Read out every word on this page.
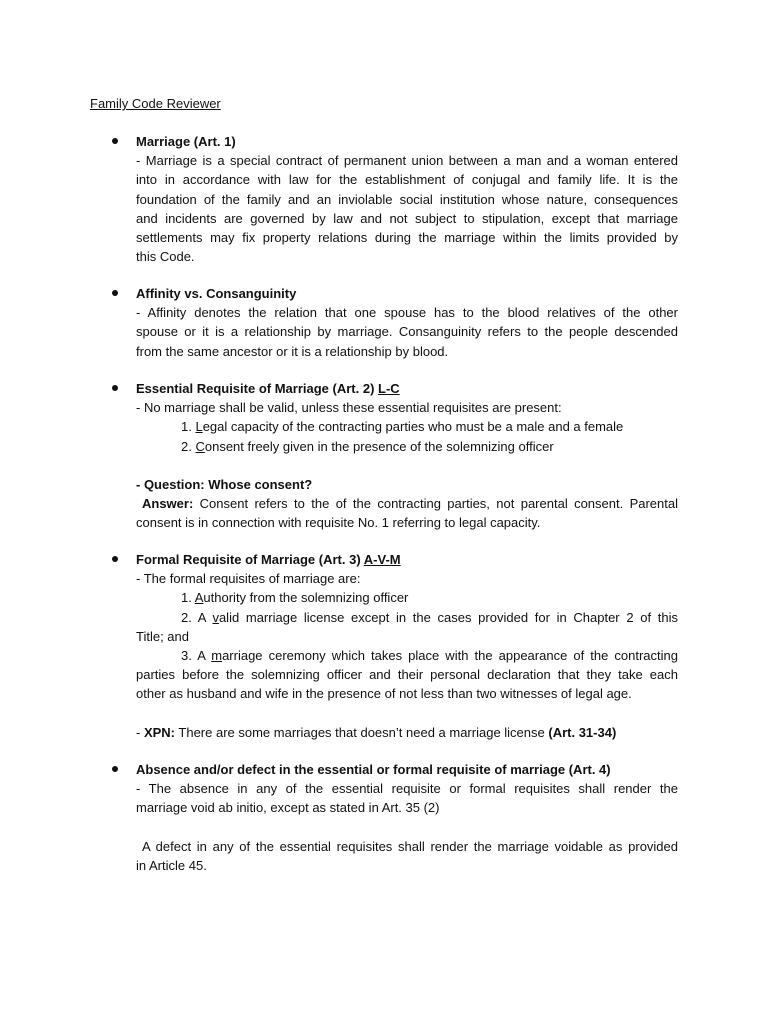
Family Code Reviewer
Marriage (Art. 1)
- Marriage is a special contract of permanent union between a man and a woman entered
into in accordance with law for the establishment of conjugal and family life. It is the
foundation of the family and an inviolable social institution whose nature, consequences
and incidents are governed by law and not subject to stipulation, except that marriage
settlements may fix property relations during the marriage within the limits provided by
this Code.
Affinity vs. Consanguinity
- Affinity denotes the relation that one spouse has to the blood relatives of the other
spouse or it is a relationship by marriage. Consanguinity refers to the people descended
from the same ancestor or it is a relationship by blood.
Essential Requisite of Marriage (Art. 2) L-C
- No marriage shall be valid, unless these essential requisites are present:
1. Legal capacity of the contracting parties who must be a male and a female
2. Consent freely given in the presence of the solemnizing officer
- Question: Whose consent?
Answer: Consent refers to the of the contracting parties, not parental consent. Parental
consent is in connection with requisite No. 1 referring to legal capacity.
Formal Requisite of Marriage (Art. 3) A-V-M
- The formal requisites of marriage are:
1. Authority from the solemnizing officer
2. A valid marriage license except in the cases provided for in Chapter 2 of this
Title; and
3. A marriage ceremony which takes place with the appearance of the contracting
parties before the solemnizing officer and their personal declaration that they take each
other as husband and wife in the presence of not less than two witnesses of legal age.
- XPN: There are some marriages that doesn’t need a marriage license (Art. 31-34)
Absence and/or defect in the essential or formal requisite of marriage (Art. 4)
- The absence in any of the essential requisite or formal requisites shall render the
marriage void ab initio, except as stated in Art. 35 (2)
A defect in any of the essential requisites shall render the marriage voidable as provided
in Article 45.
